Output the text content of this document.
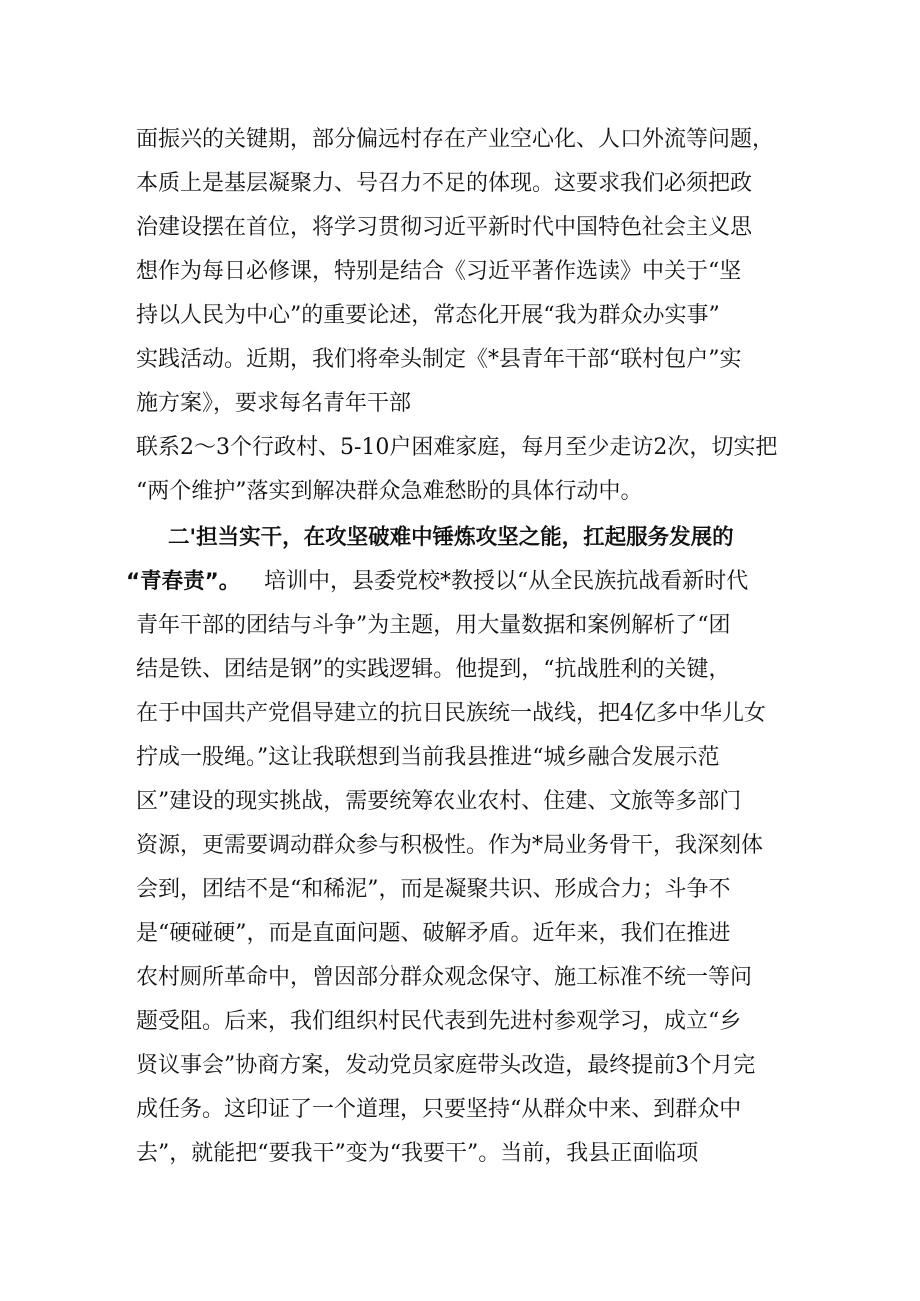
面振兴的关键期，部分偏远村存在产业空心化、人口外流等问题，
本质上是基层凝聚力、号召力不足的体现。这要求我们必须把政
治建设摆在首位，将学习贯彻习近平新时代中国特色社会主义思
想作为每日必修课，特别是结合《习近平著作选读》中关于“坚
持以人民为中心”的重要论述，常态化开展“我为群众办实事”
实践活动。近期，我们将牵头制定《*县青年干部“联村包户”实
施方案》，要求每名青年干部
联系2〜3个行政村、5-10户困难家庭，每月至少走访2次，切实把
“两个维护”落实到解决群众急难愁盼的具体行动中。
二'担当实干，在攻坚破难中锤炼攻坚之能，扛起服务发展的
“青春责”。 培训中，县委党校*教授以“从全民族抗战看新时代
青年干部的团结与斗争”为主题，用大量数据和案例解析了“团
结是铁、团结是钢”的实践逻辑。他提到，“抗战胜利的关键，
在于中国共产党倡导建立的抗日民族统一战线，把4亿多中华儿女
拧成一股绳。”这让我联想到当前我县推进“城乡融合发展示范
区”建设的现实挑战，需要统筹农业农村、住建、文旅等多部门
资源，更需要调动群众参与积极性。作为*局业务骨干，我深刻体
会到，团结不是“和稀泥”，而是凝聚共识、形成合力；斗争不
是“硬碰硬”，而是直面问题、破解矛盾。近年来，我们在推进
农村厕所革命中，曾因部分群众观念保守、施工标准不统一等问
题受阻。后来，我们组织村民代表到先进村参观学习，成立“乡
贤议事会”协商方案，发动党员家庭带头改造，最终提前3个月完
成任务。这印证了一个道理，只要坚持“从群众中来、到群众中
去”，就能把“要我干”变为“我要干”。当前，我县正面临项
